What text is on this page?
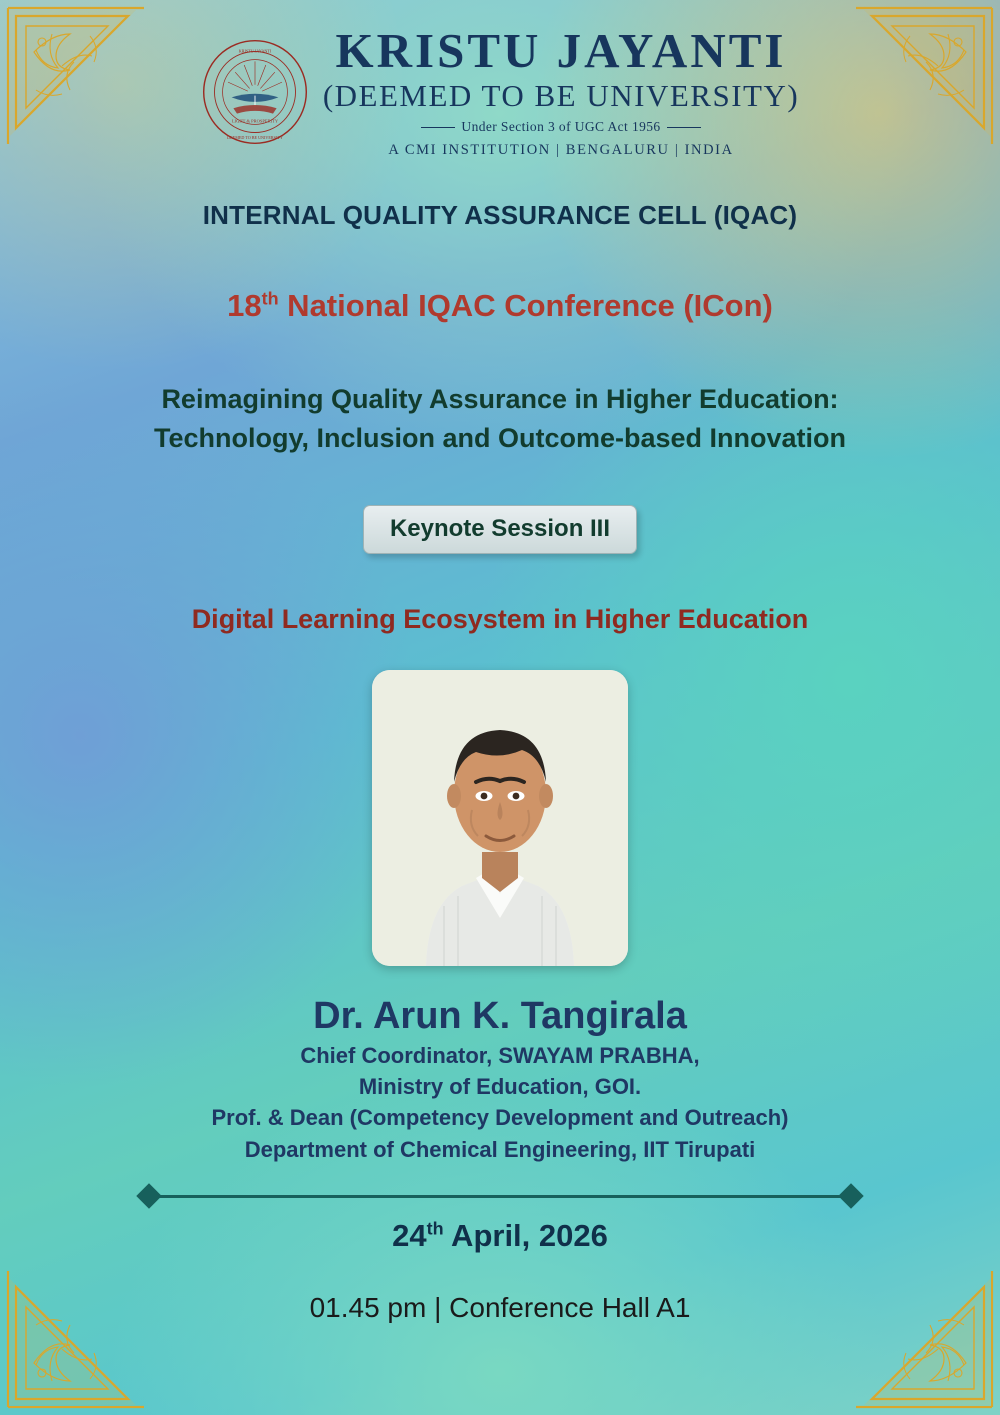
LIGHT & PROSPERITY
KRISTU JAYANTI
DEEMED TO BE UNIVERSITY
KRISTU JAYANTI
(DEEMED TO BE UNIVERSITY)
Under Section 3 of UGC Act 1956
A CMI INSTITUTION | BENGALURU | INDIA
INTERNAL QUALITY ASSURANCE CELL (IQAC)
18th National IQAC Conference (ICon)
Reimagining Quality Assurance in Higher Education:
Technology, Inclusion and Outcome-based Innovation
Keynote Session III
Digital Learning Ecosystem in Higher Education
Dr. Arun K. Tangirala
Chief Coordinator, SWAYAM PRABHA,
Ministry of Education, GOI.
Prof. & Dean (Competency Development and Outreach)
Department of Chemical Engineering, IIT Tirupati
24th April, 2026
01.45 pm | Conference Hall A1
